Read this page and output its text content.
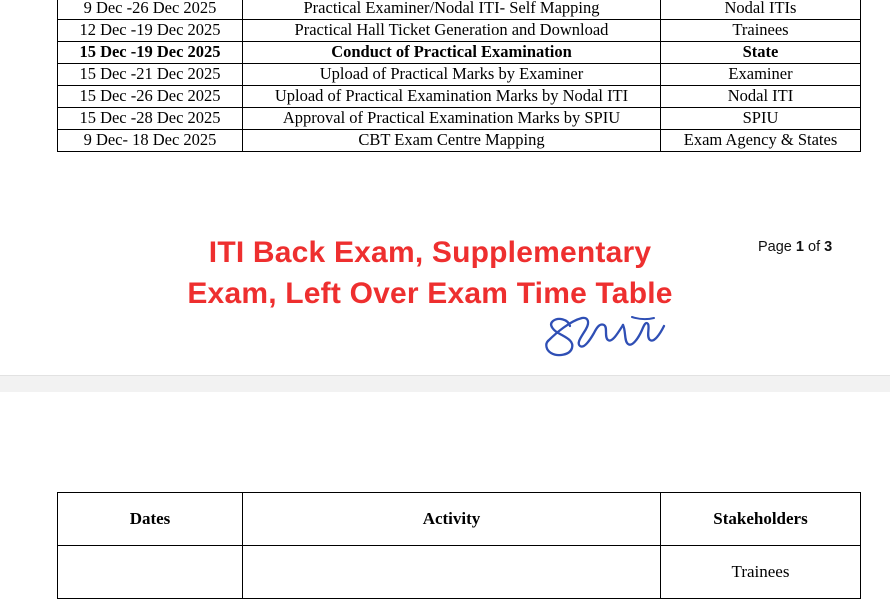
9 Dec -26 Dec 2025	Practical Examiner/Nodal ITI- Self Mapping	Nodal ITIs
12 Dec -19 Dec 2025	Practical Hall Ticket Generation and Download	Trainees
15 Dec -19 Dec 2025	Conduct of Practical Examination	State
15 Dec -21 Dec 2025	Upload of Practical Marks by Examiner	Examiner
15 Dec -26 Dec 2025	Upload of Practical Examination Marks by Nodal ITI	Nodal ITI
15 Dec -28 Dec 2025	Approval of Practical Examination Marks by SPIU	SPIU
9 Dec- 18 Dec 2025	CBT Exam Centre Mapping	Exam Agency & States
ITI Back Exam, Supplementary
Exam, Left Over Exam Time Table
Page 1 of 3
Dates	Activity	Stakeholders
		Trainees
